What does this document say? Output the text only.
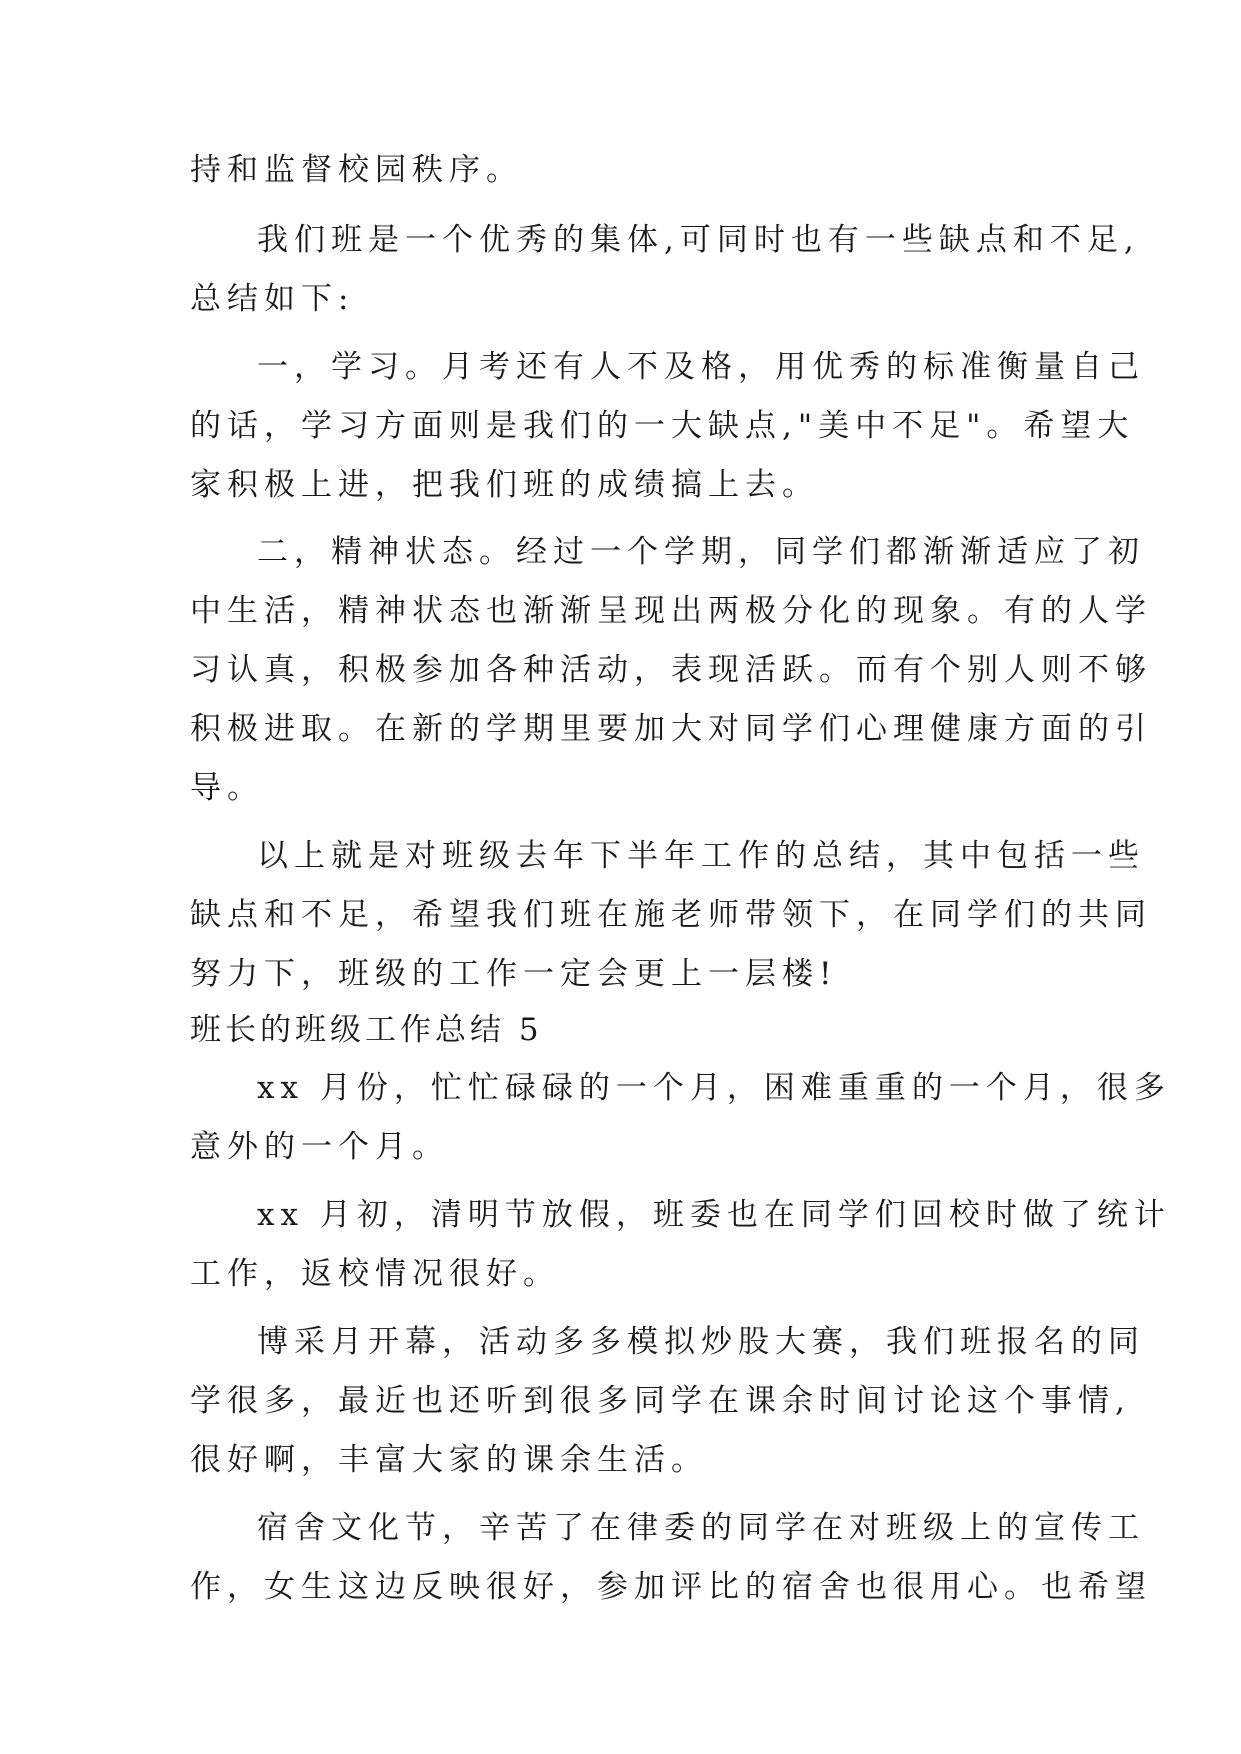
持和监督校园秩序。
我们班是一个优秀的集体,可同时也有一些缺点和不足,
总结如下:
一，学习。月考还有人不及格，用优秀的标准衡量自己
的话，学习方面则是我们的一大缺点,"美中不足"。希望大
家积极上进，把我们班的成绩搞上去。
二，精神状态。经过一个学期，同学们都渐渐适应了初
中生活，精神状态也渐渐呈现出两极分化的现象。有的人学
习认真，积极参加各种活动，表现活跃。而有个别人则不够
积极进取。在新的学期里要加大对同学们心理健康方面的引
导。
以上就是对班级去年下半年工作的总结，其中包括一些
缺点和不足，希望我们班在施老师带领下，在同学们的共同
努力下，班级的工作一定会更上一层楼!
班长的班级工作总结 5
xx 月份，忙忙碌碌的一个月，困难重重的一个月，很多
意外的一个月。
xx 月初，清明节放假，班委也在同学们回校时做了统计
工作，返校情况很好。
博采月开幕，活动多多模拟炒股大赛，我们班报名的同
学很多，最近也还听到很多同学在课余时间讨论这个事情,
很好啊，丰富大家的课余生活。
宿舍文化节，辛苦了在律委的同学在对班级上的宣传工
作，女生这边反映很好，参加评比的宿舍也很用心。也希望
